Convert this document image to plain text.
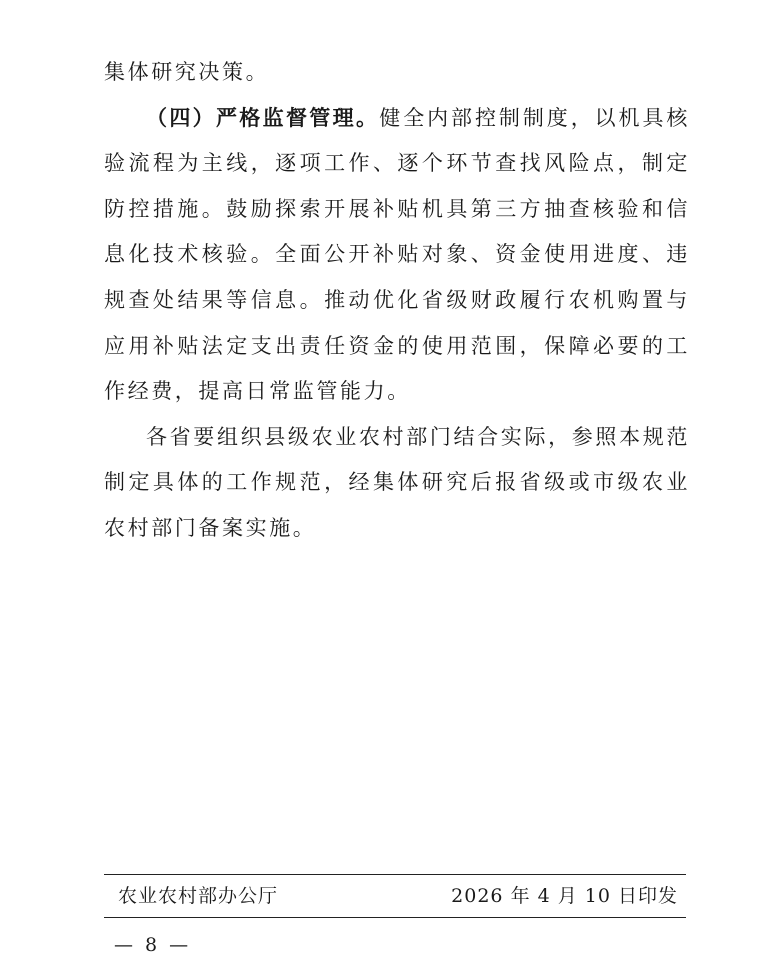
集体研究决策。

（四）严格监督管理。健全内部控制制度，以机具核验流程为主线，逐项工作、逐个环节查找风险点，制定防控措施。鼓励探索开展补贴机具第三方抽查核验和信息化技术核验。全面公开补贴对象、资金使用进度、违规查处结果等信息。推动优化省级财政履行农机购置与应用补贴法定支出责任资金的使用范围，保障必要的工作经费，提高日常监管能力。

各省要组织县级农业农村部门结合实际，参照本规范制定具体的工作规范，经集体研究后报省级或市级农业农村部门备案实施。

农业农村部办公厅	2026 年 4 月 10 日印发
— 8 —
